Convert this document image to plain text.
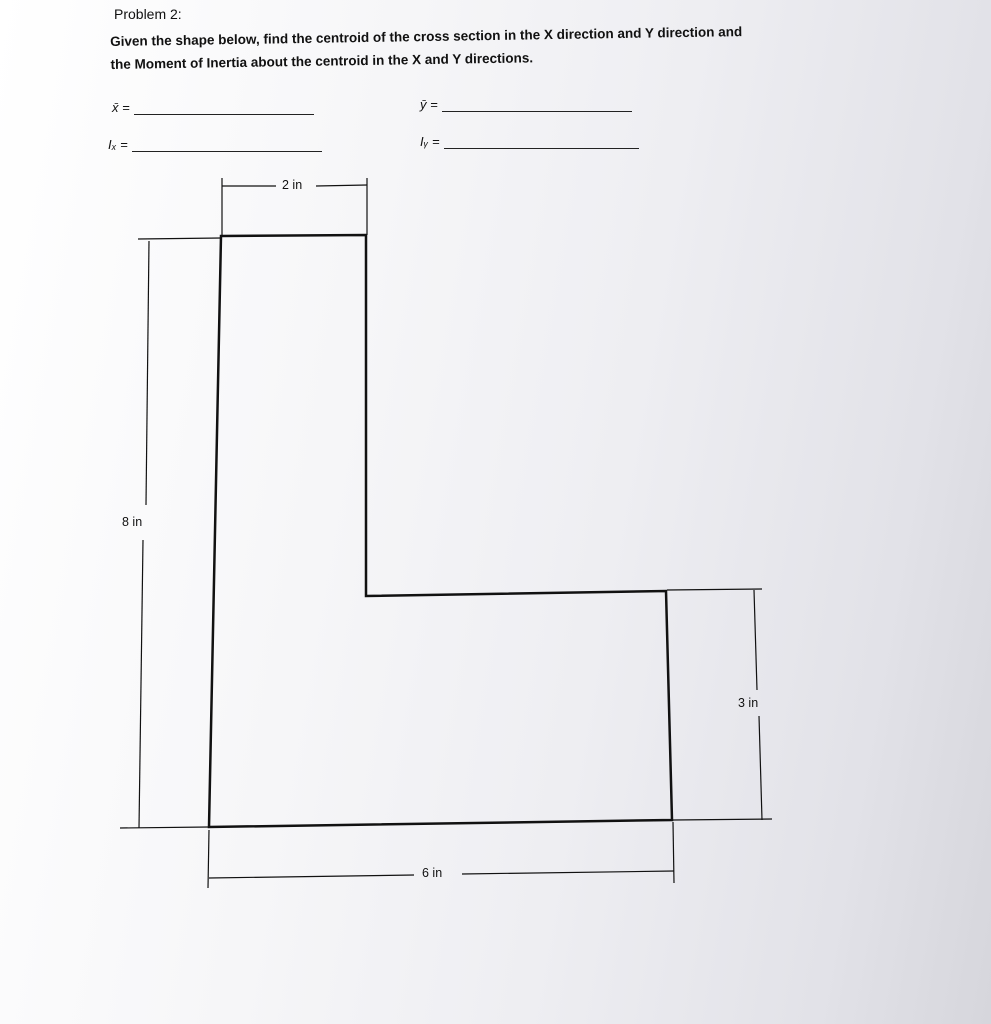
Problem 2:
Given the shape below, find the centroid of the cross section in the X direction and Y direction and
the Moment of Inertia about the centroid in the X and Y directions.
x̄ =	ȳ =
Iₓ =	Iᵧ =
2 in
8 in
3 in
6 in
